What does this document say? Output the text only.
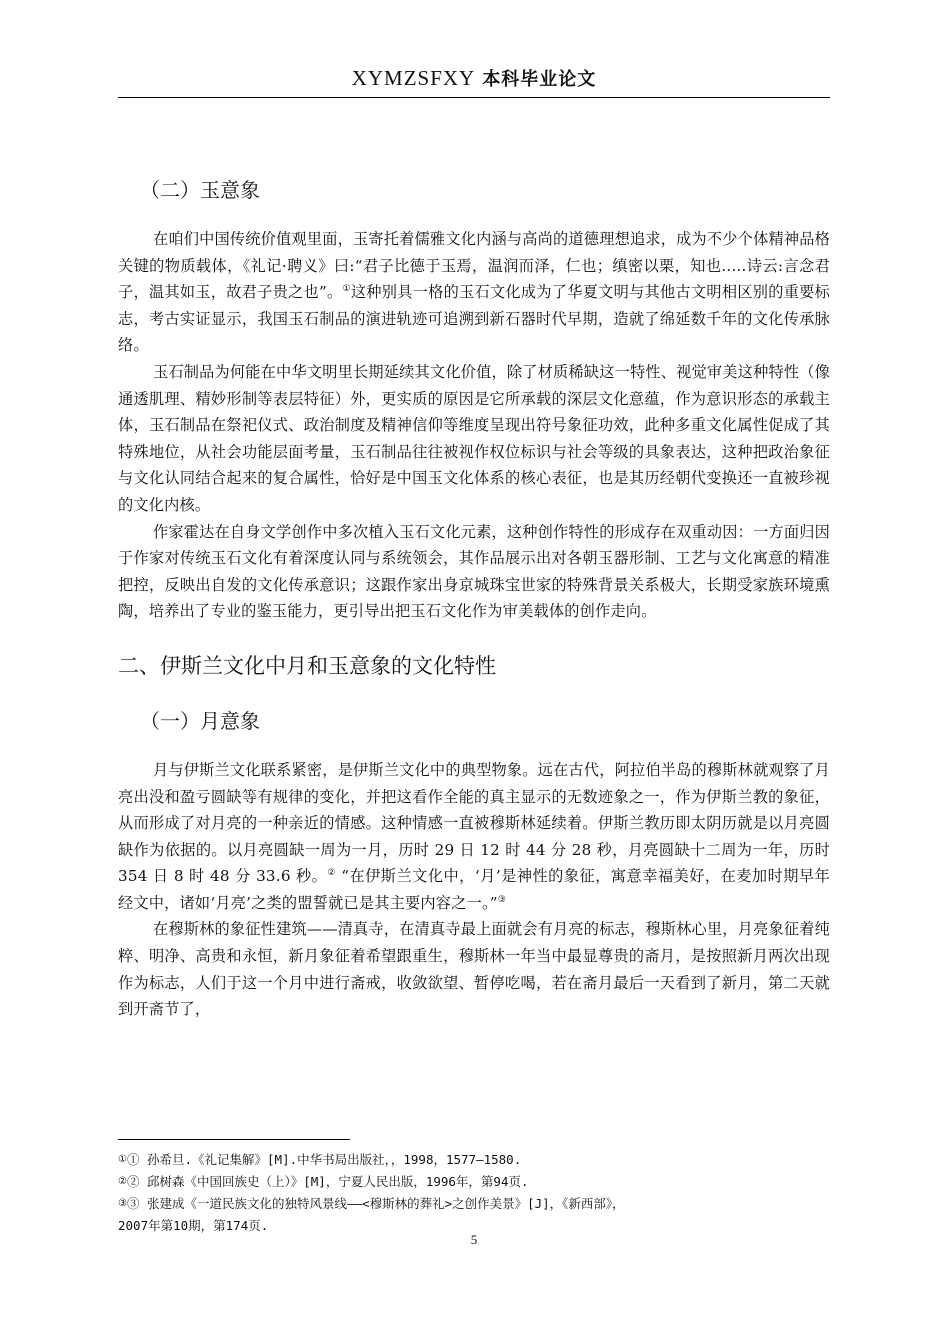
XYMZSFXY 本科毕业论文
（二）玉意象

在咱们中国传统价值观里面，玉寄托着儒雅文化内涵与高尚的道德理想追求，成为不少个体精神品格关键的物质载体，《礼记·聘义》曰:“君子比德于玉焉，温润而泽，仁也；缜密以栗，知也.....诗云:言念君子，温其如玉，故君子贵之也”。①这种别具一格的玉石文化成为了华夏文明与其他古文明相区别的重要标志，考古实证显示，我国玉石制品的演进轨迹可追溯到新石器时代早期，造就了绵延数千年的文化传承脉络。

玉石制品为何能在中华文明里长期延续其文化价值，除了材质稀缺这一特性、视觉审美这种特性（像通透肌理、精妙形制等表层特征）外，更实质的原因是它所承载的深层文化意蕴，作为意识形态的承载主体，玉石制品在祭祀仪式、政治制度及精神信仰等维度呈现出符号象征功效，此种多重文化属性促成了其特殊地位，从社会功能层面考量，玉石制品往往被视作权位标识与社会等级的具象表达，这种把政治象征与文化认同结合起来的复合属性，恰好是中国玉文化体系的核心表征，也是其历经朝代变换还一直被珍视的文化内核。

作家霍达在自身文学创作中多次植入玉石文化元素，这种创作特性的形成存在双重动因：一方面归因于作家对传统玉石文化有着深度认同与系统领会，其作品展示出对各朝玉器形制、工艺与文化寓意的精准把控，反映出自发的文化传承意识；这跟作家出身京城珠宝世家的特殊背景关系极大，长期受家族环境熏陶，培养出了专业的鉴玉能力，更引导出把玉石文化作为审美载体的创作走向。

二、伊斯兰文化中月和玉意象的文化特性
（一）月意象

月与伊斯兰文化联系紧密，是伊斯兰文化中的典型物象。远在古代，阿拉伯半岛的穆斯林就观察了月亮出没和盈亏圆缺等有规律的变化，并把这看作全能的真主显示的无数迹象之一，作为伊斯兰教的象征，从而形成了对月亮的一种亲近的情感。这种情感一直被穆斯林延续着。伊斯兰教历即太阴历就是以月亮圆缺作为依据的。以月亮圆缺一周为一月，历时 29 日 12 时 44 分 28 秒，月亮圆缺十二周为一年，历时 354 日 8 时 48 分 33.6 秒。② “在伊斯兰文化中，‘月’是神性的象征，寓意幸福美好，在麦加时期早年经文中，诸如‘月亮’之类的盟誓就已是其主要内容之一。”③

在穆斯林的象征性建筑——清真寺，在清真寺最上面就会有月亮的标志，穆斯林心里，月亮象征着纯粹、明净、高贵和永恒，新月象征着希望跟重生，穆斯林一年当中最显尊贵的斋月，是按照新月两次出现作为标志，人们于这一个月中进行斋戒，收敛欲望、暂停吃喝，若在斋月最后一天看到了新月，第二天就到开斋节了，

①① 孙希旦.《礼记集解》[M].中华书局出版社，，1998，1577—1580.
②② 邱树森《中国回族史（上）》[M]，宁夏人民出版，1996年，第94页.
③③ 张建成《一道民族文化的独特风景线——<穆斯林的葬礼>之创作美景》[J]，《新西部》，
2007年第10期，第174页.
5
